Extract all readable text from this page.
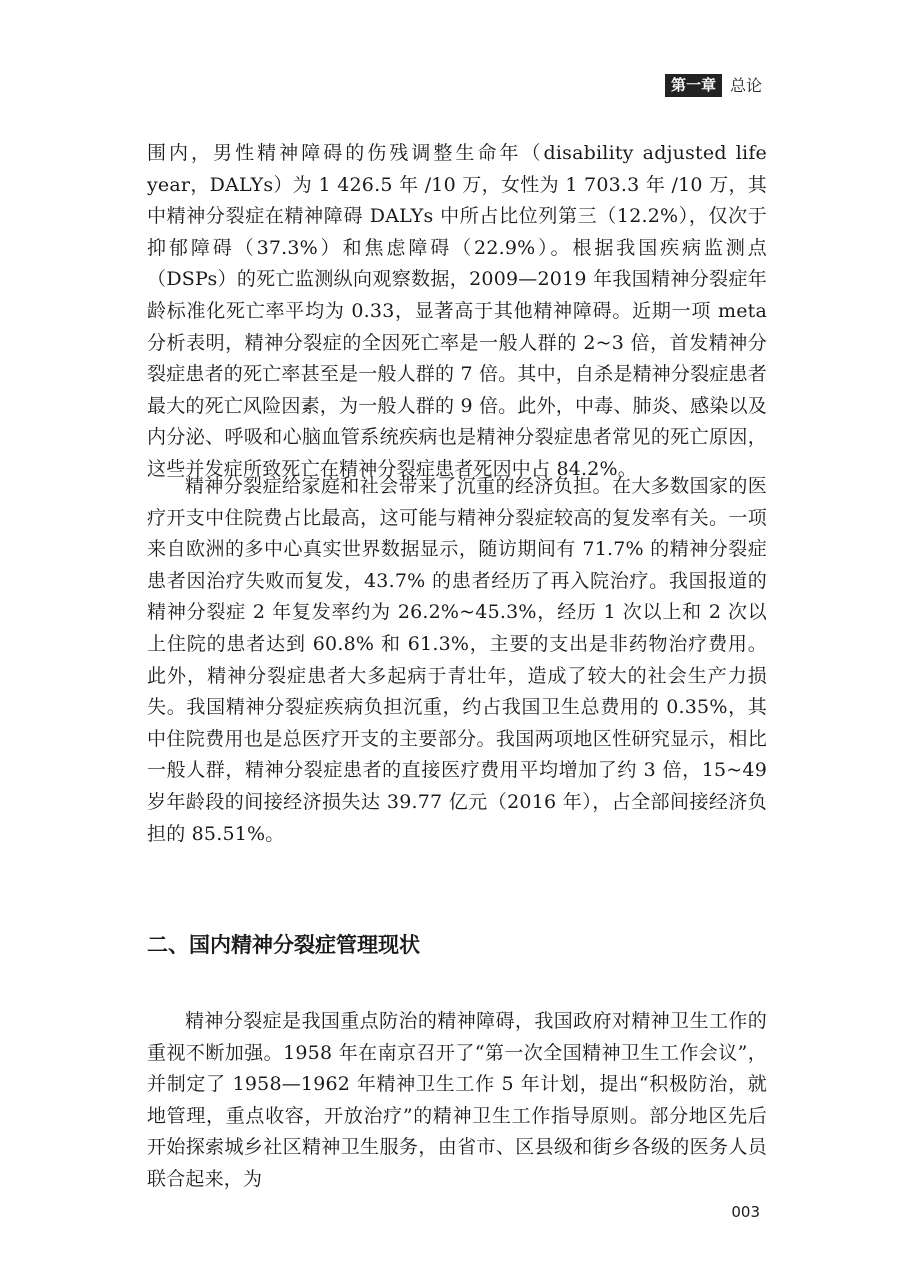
第一章 总论

围内，男性精神障碍的伤残调整生命年（disability adjusted life year，DALYs）为 1 426.5 年 /10 万，女性为 1 703.3 年 /10 万，其中精神分裂症在精神障碍 DALYs 中所占比位列第三（12.2%），仅次于抑郁障碍（37.3%）和焦虑障碍（22.9%）。根据我国疾病监测点（DSPs）的死亡监测纵向观察数据，2009—2019 年我国精神分裂症年龄标准化死亡率平均为 0.33，显著高于其他精神障碍。近期一项 meta 分析表明，精神分裂症的全因死亡率是一般人群的 2~3 倍，首发精神分裂症患者的死亡率甚至是一般人群的 7 倍。其中，自杀是精神分裂症患者最大的死亡风险因素，为一般人群的 9 倍。此外，中毒、肺炎、感染以及内分泌、呼吸和心脑血管系统疾病也是精神分裂症患者常见的死亡原因，这些并发症所致死亡在精神分裂症患者死因中占 84.2%。

精神分裂症给家庭和社会带来了沉重的经济负担。在大多数国家的医疗开支中住院费占比最高，这可能与精神分裂症较高的复发率有关。一项来自欧洲的多中心真实世界数据显示，随访期间有 71.7% 的精神分裂症患者因治疗失败而复发，43.7% 的患者经历了再入院治疗。我国报道的精神分裂症 2 年复发率约为 26.2%~45.3%，经历 1 次以上和 2 次以上住院的患者达到 60.8% 和 61.3%，主要的支出是非药物治疗费用。此外，精神分裂症患者大多起病于青壮年，造成了较大的社会生产力损失。我国精神分裂症疾病负担沉重，约占我国卫生总费用的 0.35%，其中住院费用也是总医疗开支的主要部分。我国两项地区性研究显示，相比一般人群，精神分裂症患者的直接医疗费用平均增加了约 3 倍，15~49 岁年龄段的间接经济损失达 39.77 亿元（2016 年），占全部间接经济负担的 85.51%。

二、国内精神分裂症管理现状

精神分裂症是我国重点防治的精神障碍，我国政府对精神卫生工作的重视不断加强。1958 年在南京召开了“第一次全国精神卫生工作会议”，并制定了 1958—1962 年精神卫生工作 5 年计划，提出“积极防治，就地管理，重点收容，开放治疗”的精神卫生工作指导原则。部分地区先后开始探索城乡社区精神卫生服务，由省市、区县级和街乡各级的医务人员联合起来，为

003
